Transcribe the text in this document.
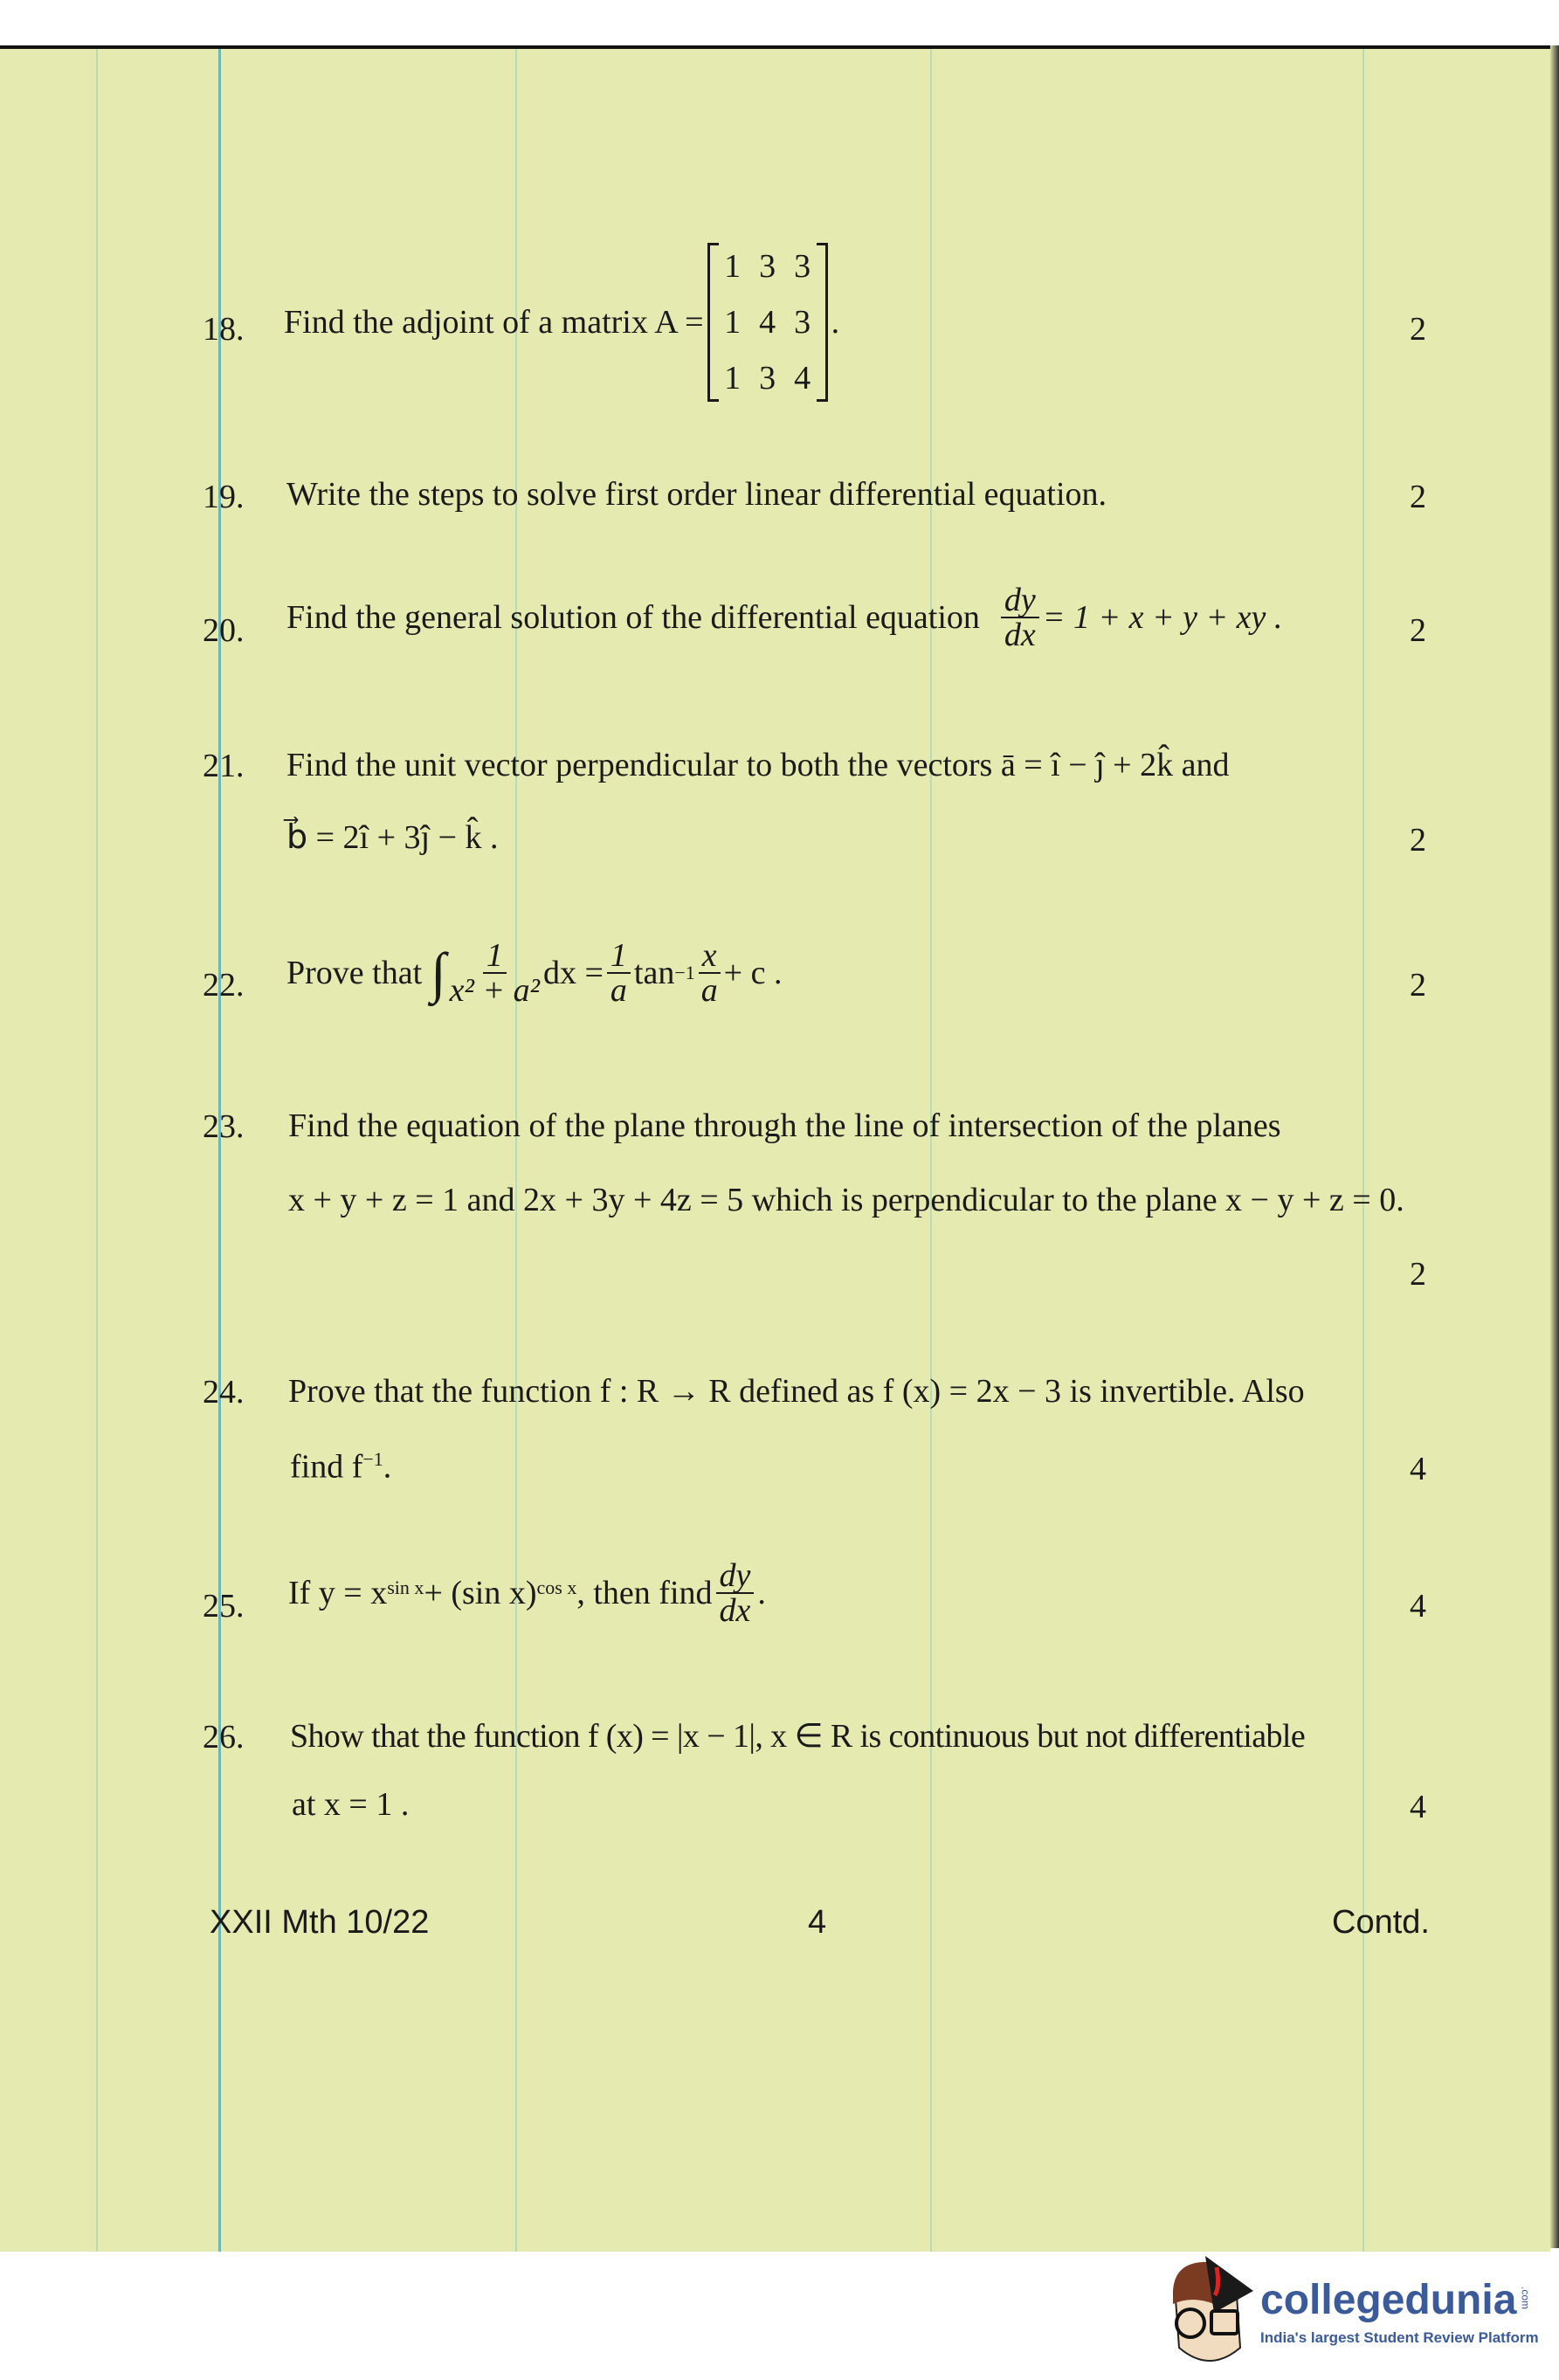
18. Find the adjoint of a matrix A =
1 3 3
1 4 3
1 3 4
.	2
19. Write the steps to solve first order linear differential equation.	2
20. Find the general solution of the differential equation $\frac{dy}{dx} = 1 + x + y$ + xy .	2
21. Find the unit vector perpendicular to both the vectors ā = î − ĵ + 2k̂ and
b⃗ = 2î + 3ĵ − k̂ .	2
22. Prove that ∫ $\frac{1}{\text{x² + a²}}$ dx = $\frac{1}{a}$ $\tan -1 \frac{x}{a} + c$ .	2
23. Find the equation of the plane through the line of intersection of the planes
x + y + z = 1 and 2x + 3y + 4z = 5 which is perpendicular to the plane x − y + z = 0.
2
24. Prove that the function f : R → R defined as f (x) = 2x − 3 is invertible. Also
find $f^{-1}$.	4
25. If y = x sin x + (sin x) cos x , then find $\frac{dy}{dx}$ .	4
26. Show that the function f (x) = |x − 1|, x ∈ R is continuous but not differentiable
at x = 1 .	4
XXII Mth 10/22	4	Contd.
collegedunia .com
India's largest Student Review Platform
